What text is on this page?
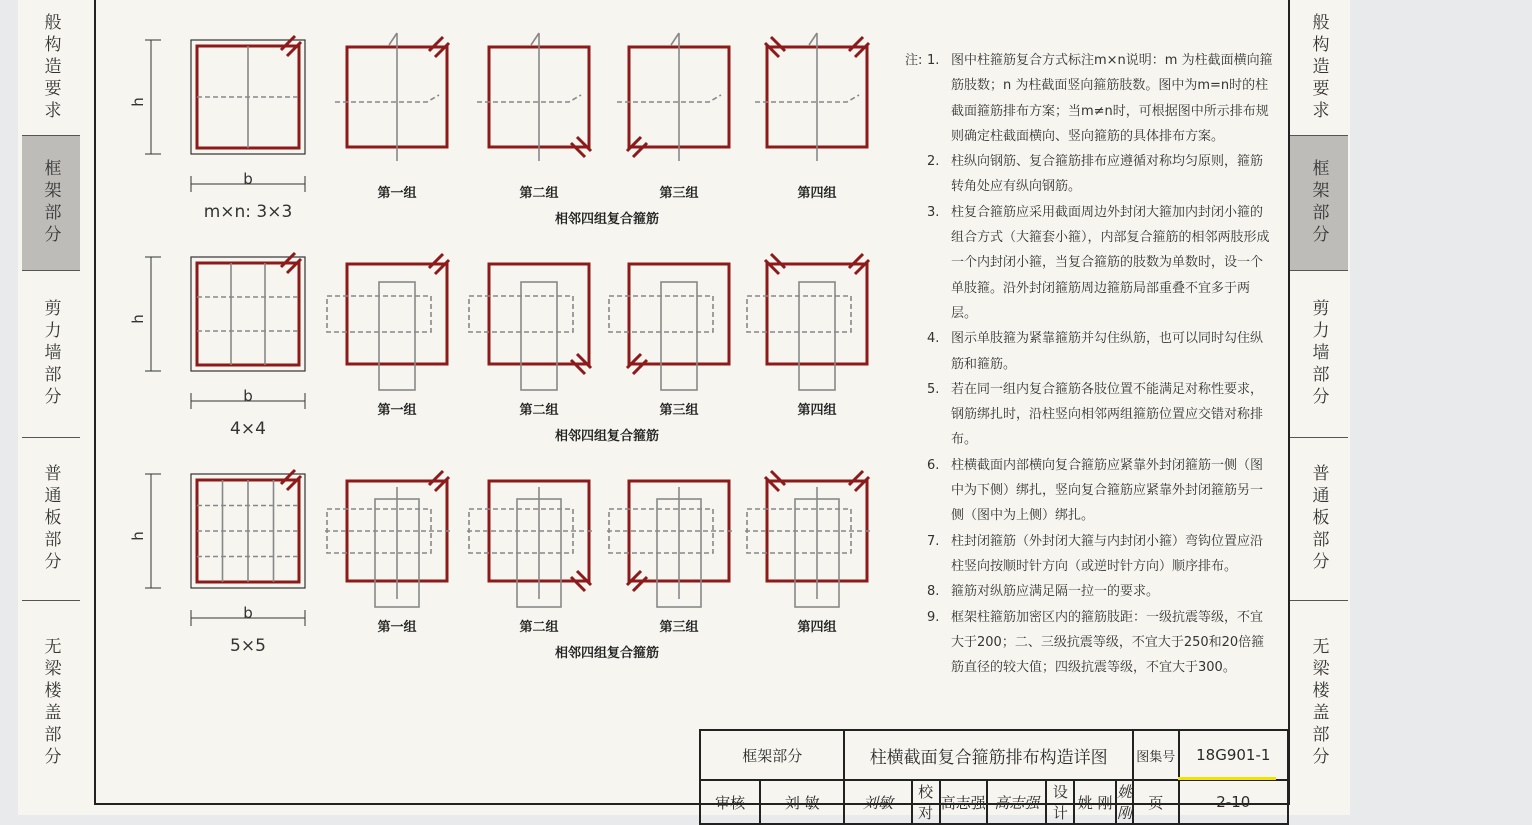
般构造要求
框架部分
剪力墙部分
普通板部分
无梁楼盖部分
般构造要求
框架部分
剪力墙部分
普通板部分
无梁楼盖部分
h
b
m×n: 3×3
第一组	第二组	第三组	第四组
相邻四组复合箍筋
h
b
4×4
第一组	第二组	第三组	第四组
相邻四组复合箍筋
h
b
5×5
第一组	第二组	第三组	第四组
相邻四组复合箍筋
注: 1. 图中柱箍筋复合方式标注m×n说明：m 为柱截面横向箍筋肢数；n 为柱截面竖向箍筋肢数。图中为m=n时的柱截面箍筋排布方案；当m≠n时，可根据图中所示排布规则确定柱截面横向、竖向箍筋的具体排布方案。
2. 柱纵向钢筋、复合箍筋排布应遵循对称均匀原则，箍筋转角处应有纵向钢筋。
3. 柱复合箍筋应采用截面周边外封闭大箍加内封闭小箍的组合方式（大箍套小箍），内部复合箍筋的相邻两肢形成一个内封闭小箍，当复合箍筋的肢数为单数时，设一个单肢箍。沿外封闭箍筋周边箍筋局部重叠不宜多于两层。
4. 图示单肢箍为紧靠箍筋并勾住纵筋，也可以同时勾住纵筋和箍筋。
5. 若在同一组内复合箍筋各肢位置不能满足对称性要求，钢筋绑扎时，沿柱竖向相邻两组箍筋位置应交错对称排布。
6. 柱横截面内部横向复合箍筋应紧靠外封闭箍筋一侧（图中为下侧）绑扎，竖向复合箍筋应紧靠外封闭箍筋另一侧（图中为上侧）绑扎。
7. 柱封闭箍筋（外封闭大箍与内封闭小箍）弯钩位置应沿柱竖向按顺时针方向（或逆时针方向）顺序排布。
8. 箍筋对纵筋应满足隔一拉一的要求。
9. 框架柱箍筋加密区内的箍筋肢距：一级抗震等级，不宜大于200；二、三级抗震等级，不宜大于250和20倍箍筋直径的较大值；四级抗震等级，不宜大于300。
框架部分		柱横截面复合箍筋排布构造详图							图集号	18G901-1
审核	刘 敏	刘敏	校对	高志强	高志强	设计	姚 刚	姚刚	页	2-10
